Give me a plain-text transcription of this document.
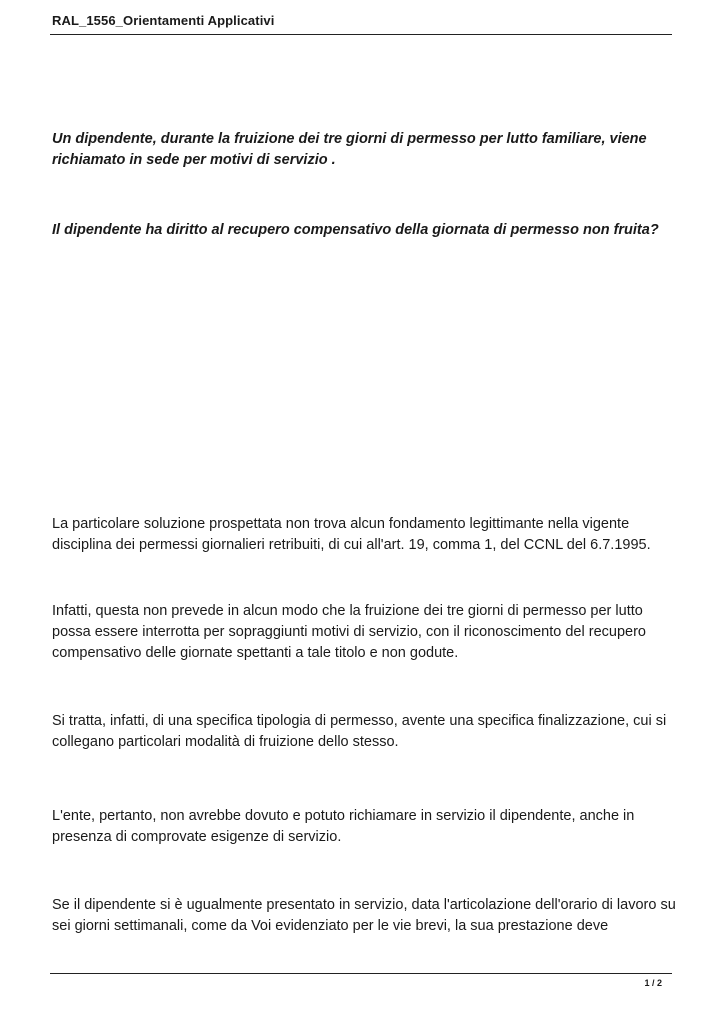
RAL_1556_Orientamenti Applicativi
Un dipendente, durante la fruizione dei tre giorni di permesso per lutto familiare, viene richiamato in sede per motivi di servizio .
Il dipendente ha diritto al recupero compensativo della giornata di permesso non fruita?
La particolare soluzione prospettata non trova alcun fondamento legittimante nella vigente disciplina dei permessi giornalieri retribuiti, di cui all'art. 19, comma 1, del CCNL del 6.7.1995.
Infatti, questa non prevede in alcun modo che la fruizione dei tre giorni di permesso per lutto possa essere interrotta per sopraggiunti motivi di servizio, con il riconoscimento del recupero compensativo delle giornate spettanti a tale titolo e non godute.
Si tratta, infatti, di una specifica tipologia di permesso, avente una specifica finalizzazione, cui si collegano particolari modalità di fruizione dello stesso.
L'ente, pertanto, non avrebbe dovuto e potuto richiamare in servizio il dipendente, anche in presenza di comprovate esigenze di servizio.
Se il dipendente si è ugualmente presentato in servizio, data l'articolazione dell'orario di lavoro su sei giorni settimanali, come da Voi evidenziato per le vie brevi, la sua prestazione deve
1 / 2
